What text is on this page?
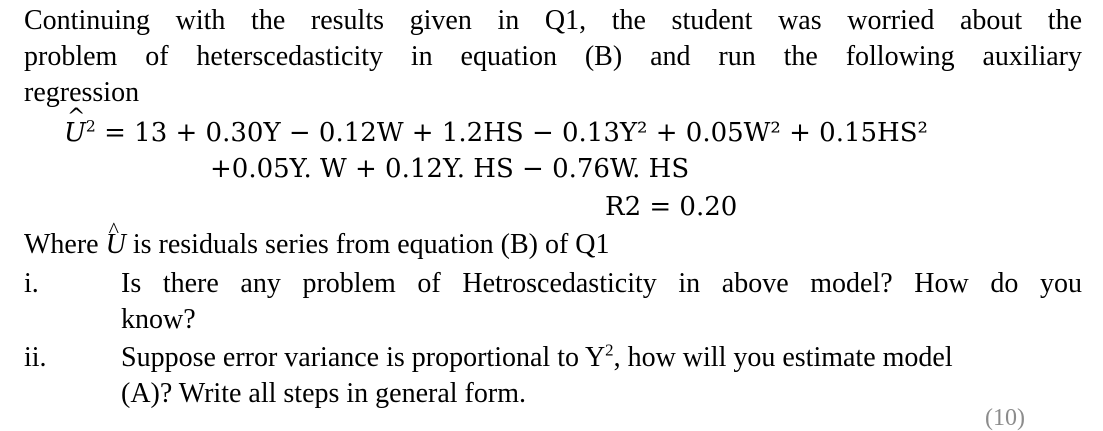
Continuing with the results given in Q1, the student was worried about the
problem of heterscedasticity in equation (B) and run the following auxiliary
regression
^ $U^2 = 13 + 0.30Y - 0.12W + 1.2HS - 0.13Y^2 + 0.05W^2 + 0.15HS^2$
+0.05Y. W + 0.12Y. HS − 0.76W. HS
R2 = 0.20
Where ^ U is residuals series from equation (B) of Q1
i.	Is there any problem of Hetroscedasticity in above model? How do you
know?
ii.	Suppose error variance is proportional to $Y^2$, how will you estimate model
(A)? Write all steps in general form.
(10)
